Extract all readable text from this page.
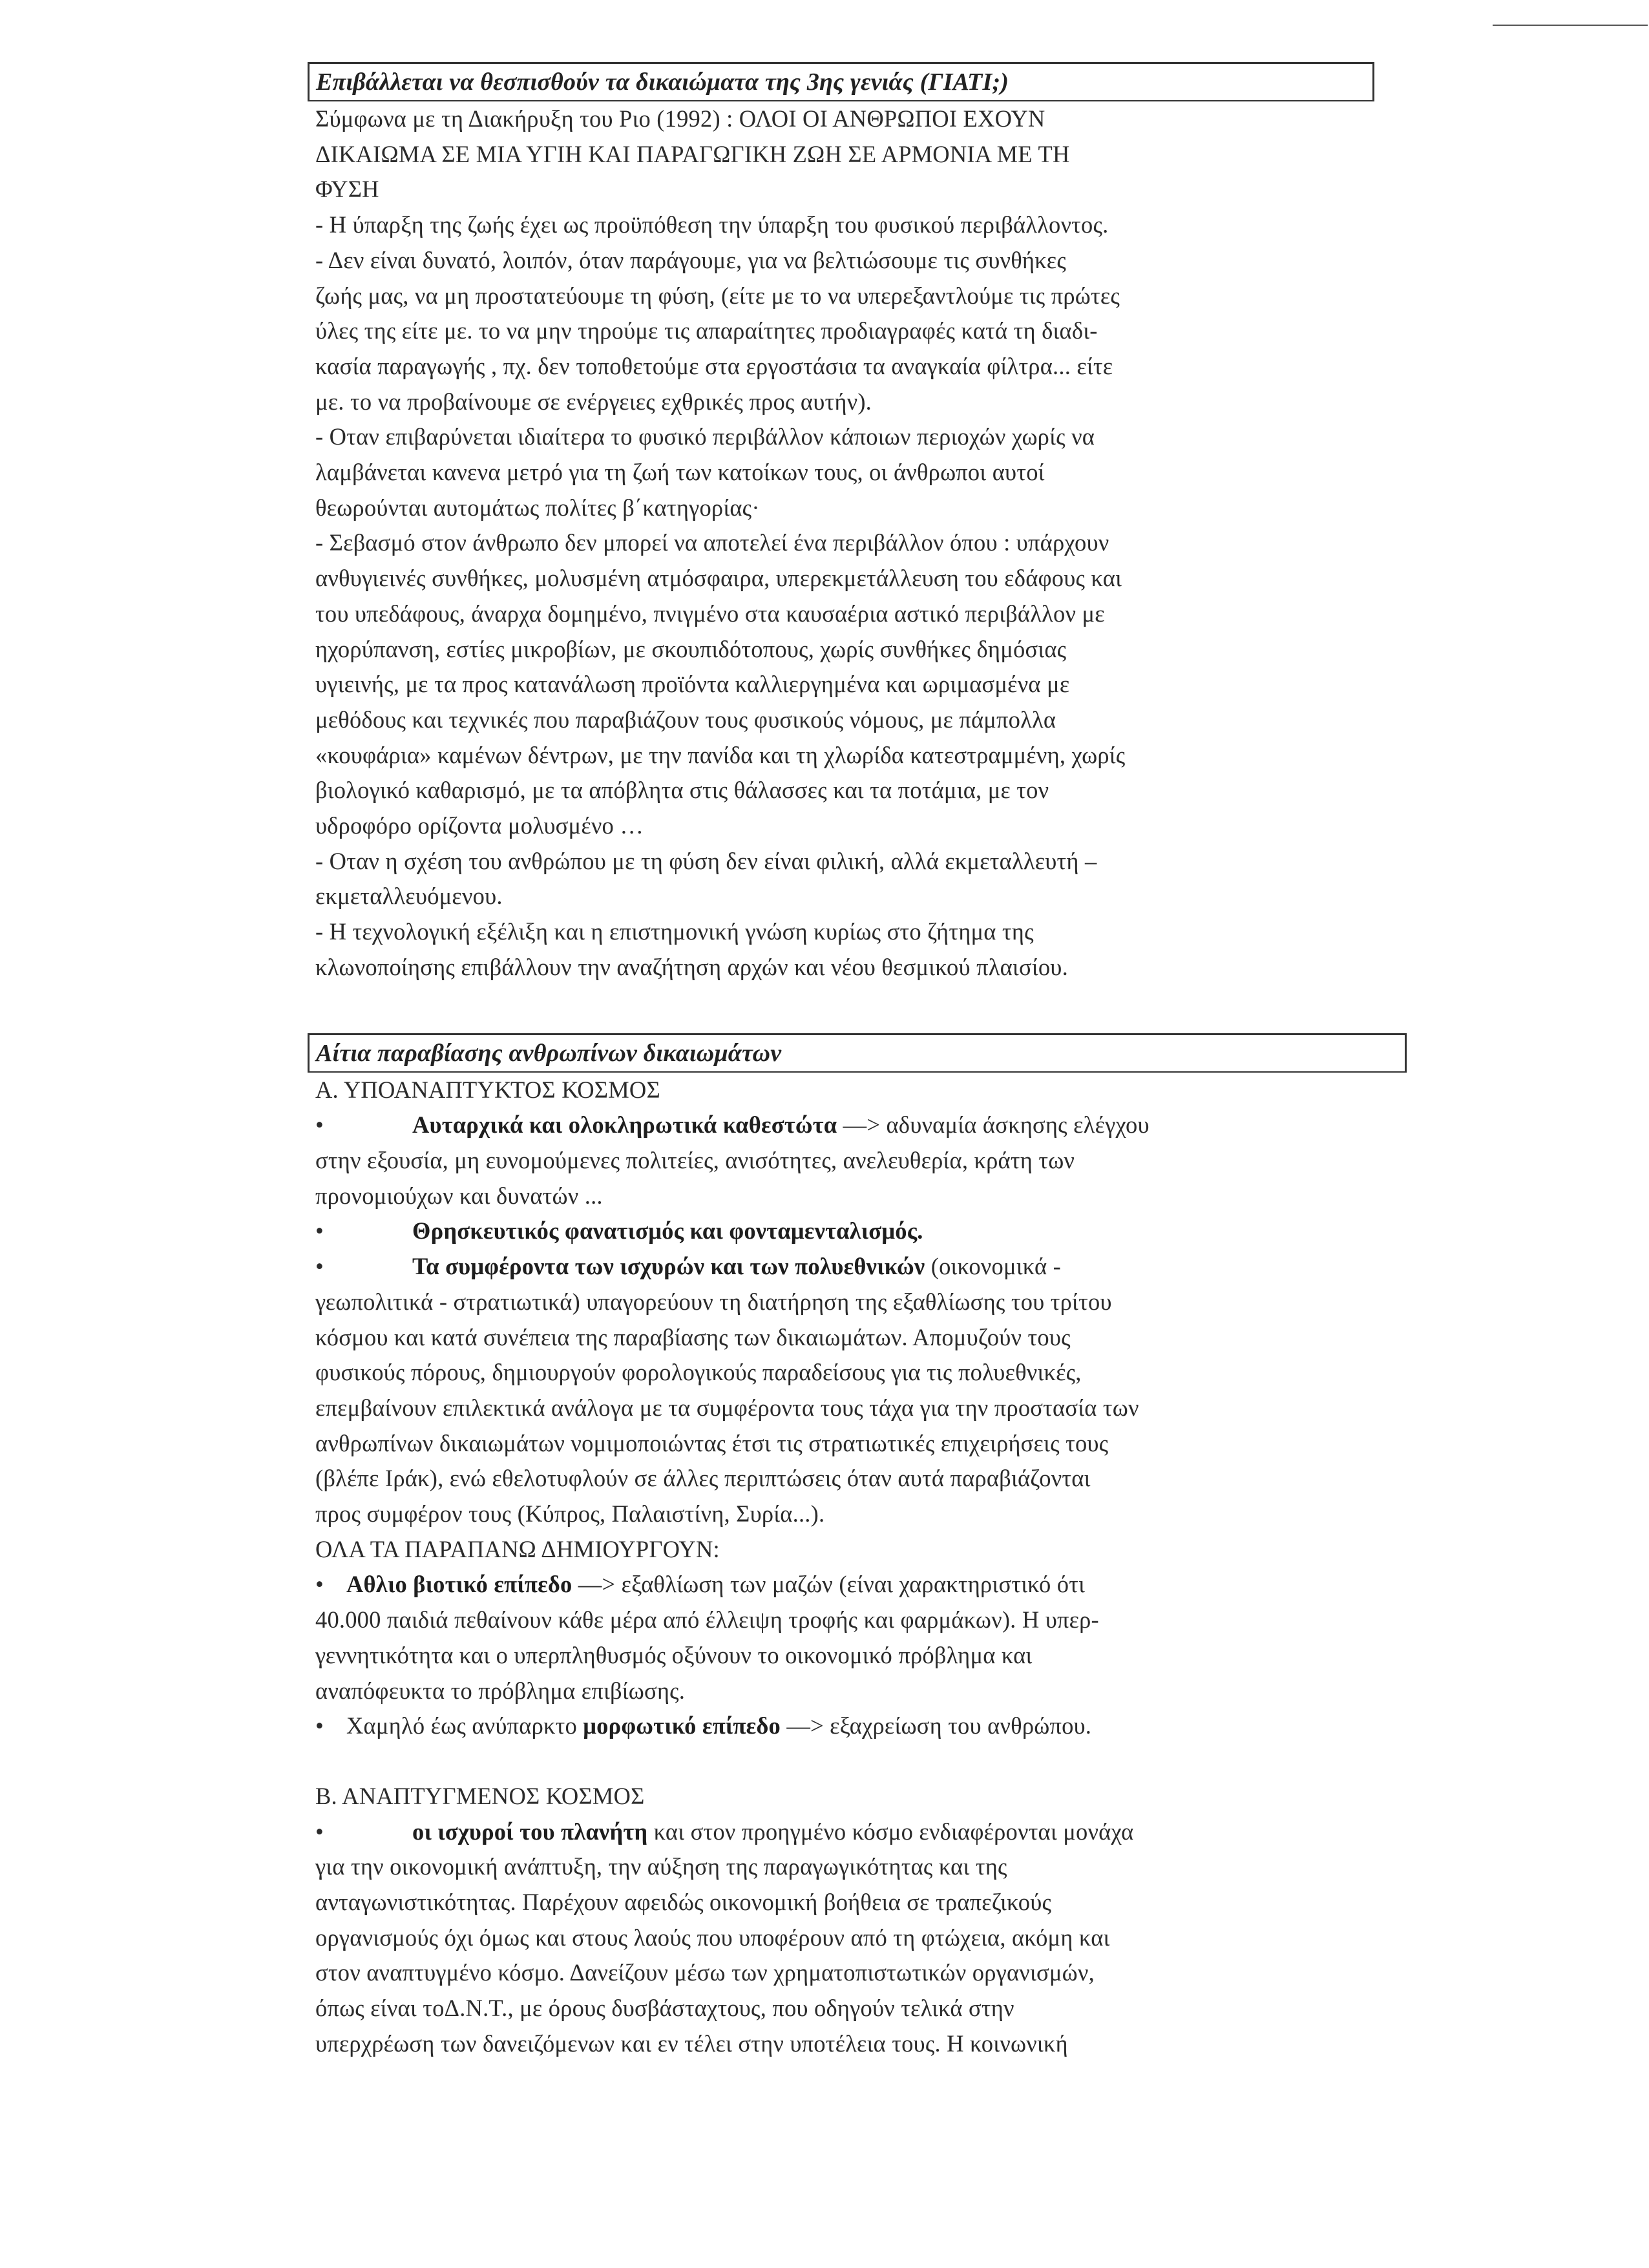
Επιβάλλεται να θεσπισθούν τα δικαιώματα της 3ης γενιάς (ΓΙΑΤΙ;)
Σύμφωνα με τη Διακήρυξη του Ριο (1992) : ΟΛΟΙ ΟΙ ΑΝΘΡΩΠΟΙ ΕΧΟΥΝ
ΔΙΚΑΙΩΜΑ ΣΕ ΜΙΑ ΥΓΙΗ ΚΑΙ ΠΑΡΑΓΩΓΙΚΗ ΖΩΗ ΣΕ ΑΡΜΟΝΙΑ ΜΕ ΤΗ
ΦΥΣΗ
- Η ύπαρξη της ζωής έχει ως προϋπόθεση την ύπαρξη του φυσικού περιβάλλοντος.
- Δεν είναι δυνατό, λοιπόν, όταν παράγουμε, για να βελτιώσουμε τις συνθήκες
ζωής μας, να μη προστατεύουμε τη φύση, (είτε με το να υπερεξαντλούμε τις πρώτες
ύλες της είτε με. το να μην τηρούμε τις απαραίτητες προδιαγραφές κατά τη διαδι-
κασία παραγωγής , πχ. δεν τοποθετούμε στα εργοστάσια τα αναγκαία φίλτρα... είτε
με. το να προβαίνουμε σε ενέργειες εχθρικές προς αυτήν).
- Οταν επιβαρύνεται ιδιαίτερα το φυσικό περιβάλλον κάποιων περιοχών χωρίς να
λαμβάνεται κανενα μετρό για τη ζωή των κατοίκων τους, οι άνθρωποι αυτοί
θεωρούνται αυτομάτως πολίτες β΄κατηγορίας·
- Σεβασμό στον άνθρωπο δεν μπορεί να αποτελεί ένα περιβάλλον όπου : υπάρχουν
ανθυγιεινές συνθήκες, μολυσμένη ατμόσφαιρα, υπερεκμετάλλευση του εδάφους και
του υπεδάφους, άναρχα δομημένο, πνιγμένο στα καυσαέρια αστικό περιβάλλον με
ηχορύπανση, εστίες μικροβίων, με σκουπιδότοπους, χωρίς συνθήκες δημόσιας
υγιεινής, με τα προς κατανάλωση προϊόντα καλλιεργημένα και ωριμασμένα με
μεθόδους και τεχνικές που παραβιάζουν τους φυσικούς νόμους, με πάμπολλα
«κουφάρια» καμένων δέντρων, με την πανίδα και τη χλωρίδα κατεστραμμένη, χωρίς
βιολογικό καθαρισμό, με τα απόβλητα στις θάλασσες και τα ποτάμια, με τον
υδροφόρο ορίζοντα μολυσμένο …
- Οταν η σχέση του ανθρώπου με τη φύση δεν είναι φιλική, αλλά εκμεταλλευτή –
εκμεταλλευόμενου.
- Η τεχνολογική εξέλιξη και η επιστημονική γνώση κυρίως στο ζήτημα της
κλωνοποίησης επιβάλλουν την αναζήτηση αρχών και νέου θεσμικού πλαισίου.
Αίτια παραβίασης ανθρωπίνων δικαιωμάτων
Α. ΥΠΟΑΝΑΠΤΥΚΤΟΣ ΚΟΣΜΟΣ
•	Αυταρχικά και ολοκληρωτικά καθεστώτα —> αδυναμία άσκησης ελέγχου
στην εξουσία, μη ευνομούμενες πολιτείες, ανισότητες, ανελευθερία, κράτη των
προνομιούχων και δυνατών ...
•	Θρησκευτικός φανατισμός και φονταμενταλισμός.
•	Τα συμφέροντα των ισχυρών και των πολυεθνικών (οικονομικά -
γεωπολιτικά - στρατιωτικά) υπαγορεύουν τη διατήρηση της εξαθλίωσης του τρίτου
κόσμου και κατά συνέπεια της παραβίασης των δικαιωμάτων. Απομυζούν τους
φυσικούς πόρους, δημιουργούν φορολογικούς παραδείσους για τις πολυεθνικές,
επεμβαίνουν επιλεκτικά ανάλογα με τα συμφέροντα τους τάχα για την προστασία των
ανθρωπίνων δικαιωμάτων νομιμοποιώντας έτσι τις στρατιωτικές επιχειρήσεις τους
(βλέπε Ιράκ), ενώ εθελοτυφλούν σε άλλες περιπτώσεις όταν αυτά παραβιάζονται
προς συμφέρον τους (Κύπρος, Παλαιστίνη, Συρία...).
ΟΛΑ ΤΑ ΠΑΡΑΠΑΝΩ ΔΗΜΙΟΥΡΓΟΥΝ:
• Αθλιο βιοτικό επίπεδο —> εξαθλίωση των μαζών (είναι χαρακτηριστικό ότι
40.000 παιδιά πεθαίνουν κάθε μέρα από έλλειψη τροφής και φαρμάκων). Η υπερ-
γεννητικότητα και ο υπερπληθυσμός οξύνουν το οικονομικό πρόβλημα και
αναπόφευκτα το πρόβλημα επιβίωσης.
• Χαμηλό έως ανύπαρκτο μορφωτικό επίπεδο —> εξαχρείωση του ανθρώπου.
Β. ΑΝΑΠΤΥΓΜΕΝΟΣ ΚΟΣΜΟΣ
•	οι ισχυροί του πλανήτη και στον προηγμένο κόσμο ενδιαφέρονται μονάχα
για την οικονομική ανάπτυξη, την αύξηση της παραγωγικότητας και της
ανταγωνιστικότητας. Παρέχουν αφειδώς οικονομική βοήθεια σε τραπεζικούς
οργανισμούς όχι όμως και στους λαούς που υποφέρουν από τη φτώχεια, ακόμη και
στον αναπτυγμένο κόσμο. Δανείζουν μέσω των χρηματοπιστωτικών οργανισμών,
όπως είναι τοΔ.Ν.Τ., με όρους δυσβάσταχτους, που οδηγούν τελικά στην
υπερχρέωση των δανειζόμενων και εν τέλει στην υποτέλεια τους. Η κοινωνική
